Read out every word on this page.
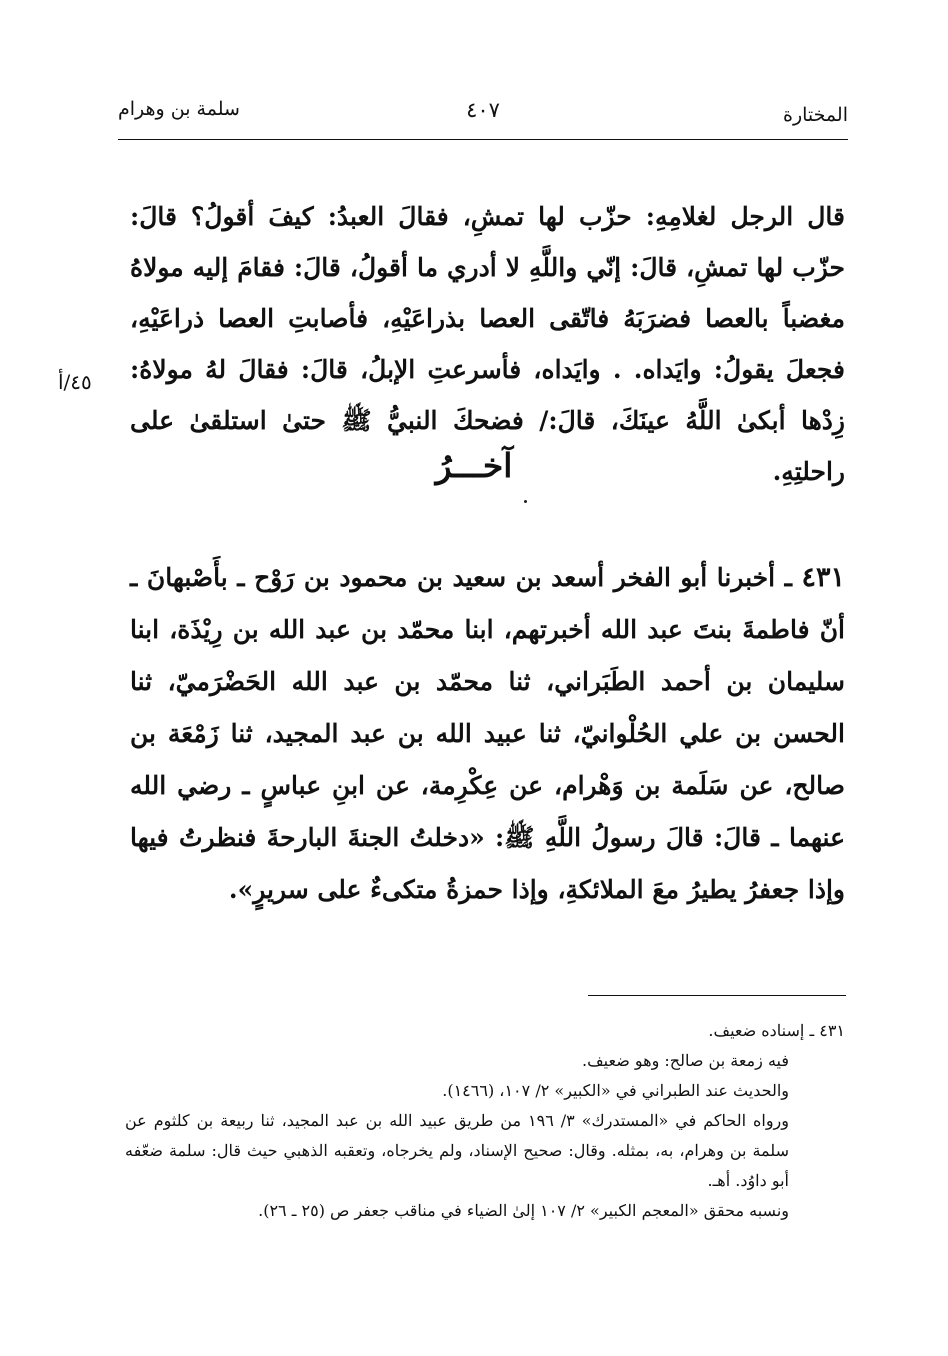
المختارة
٤٠٧
سلمة بن وهرام

قال الرجل لغلامِهِ: حزّب لها تمشِ، فقالَ العبدُ: كيفَ أقولُ؟ قالَ: حزّب لها تمشِ، قالَ: إنّي واللَّهِ لا أدري ما أقولُ، قالَ: فقامَ إليه مولاهُ مغضباً بالعصا فضرَبَهُ فاتّقى العصا بذراعَيْهِ، فأصابتِ العصا ذراعَيْهِ، فجعلَ يقولُ: وايَداه. . وايَداه، فأسرعتِ الإبلُ، قالَ: فقالَ لهُ مولاهُ: زِدْها أبكىٰ اللَّهُ عينَكَ، قالَ:/ فضحكَ النبيُّ ﷺ حتىٰ استلقىٰ على راحلتِهِ.

٤٥/أ
آخـــرُ

٤٣١ ـ أخبرنا أبو الفخر أسعد بن سعيد بن محمود بن رَوْح ـ بأَصْبهانَ ـ أنّ فاطمةَ بنتَ عبد الله أخبرتهم، ابنا محمّد بن عبد الله بن رِيْذَة، ابنا سليمان بن أحمد الطَبَراني، ثنا محمّد بن عبد الله الحَضْرَميّ، ثنا الحسن بن علي الحُلْوانيّ، ثنا عبيد الله بن عبد المجيد، ثنا زَمْعَة بن صالح، عن سَلَمة بن وَهْرام، عن عِكْرِمة، عن ابنِ عباسٍ ـ رضي الله عنهما ـ قالَ: قالَ رسولُ اللَّهِ ﷺ: «دخلتُ الجنةَ البارحةَ فنظرتُ فيها وإذا جعفرُ يطيرُ معَ الملائكةِ، وإذا حمزةُ متكىءٌ على سريرٍ».

٤٣١ ـ إسناده ضعيف.
فيه زمعة بن صالح: وهو ضعيف.
والحديث عند الطبراني في «الكبير» ٢/ ١٠٧، (١٤٦٦).
ورواه الحاكم في «المستدرك» ٣/ ١٩٦ من طريق عبيد الله بن عبد المجيد، ثنا ربيعة بن كلثوم عن سلمة بن وهرام، به، بمثله. وقال: صحيح الإسناد، ولم يخرجاه، وتعقبه الذهبي حيث قال: سلمة ضعّفه أبو داوُد. أهـ.
ونسبه محقق «المعجم الكبير» ٢/ ١٠٧ إلىٰ الضياء في مناقب جعفر ص (٢٥ ـ ٢٦).
